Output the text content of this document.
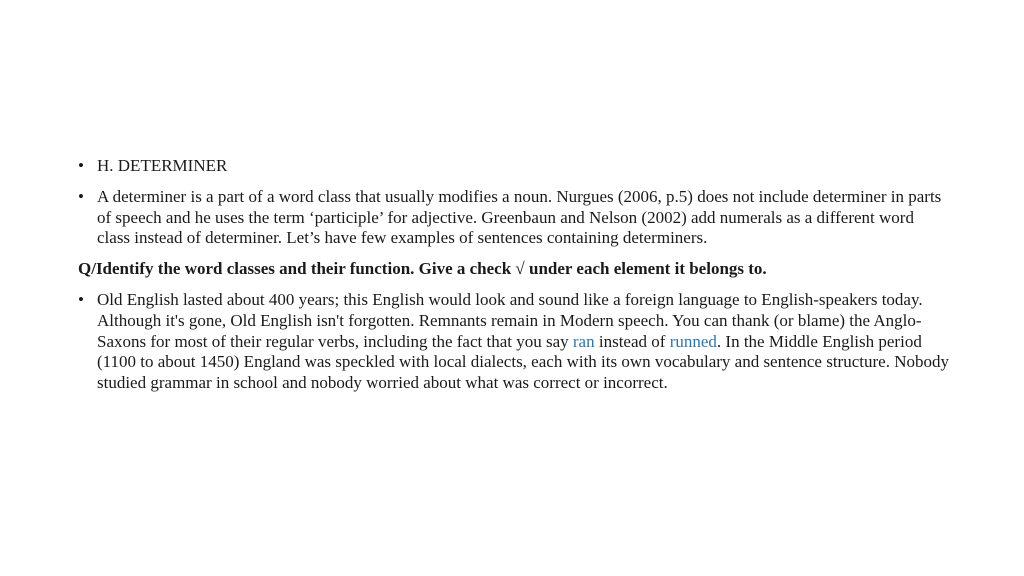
• H. DETERMINER

• A determiner is a part of a word class that usually modifies a noun. Nurgues (2006, p.5) does not include determiner in parts of speech and he uses the term ‘participle’ for adjective. Greenbaun and Nelson (2002) add numerals as a different word class instead of determiner. Let’s have few examples of sentences containing determiners.

Q/Identify the word classes and their function. Give a check √ under each element it belongs to.

• Old English lasted about 400 years; this English would look and sound like a foreign language to English-speakers today. Although it's gone, Old English isn't forgotten. Remnants remain in Modern speech. You can thank (or blame) the Anglo-Saxons for most of their regular verbs, including the fact that you say ran instead of runned. In the Middle English period (1100 to about 1450) England was speckled with local dialects, each with its own vocabulary and sentence structure. Nobody studied grammar in school and nobody worried about what was correct or incorrect.
